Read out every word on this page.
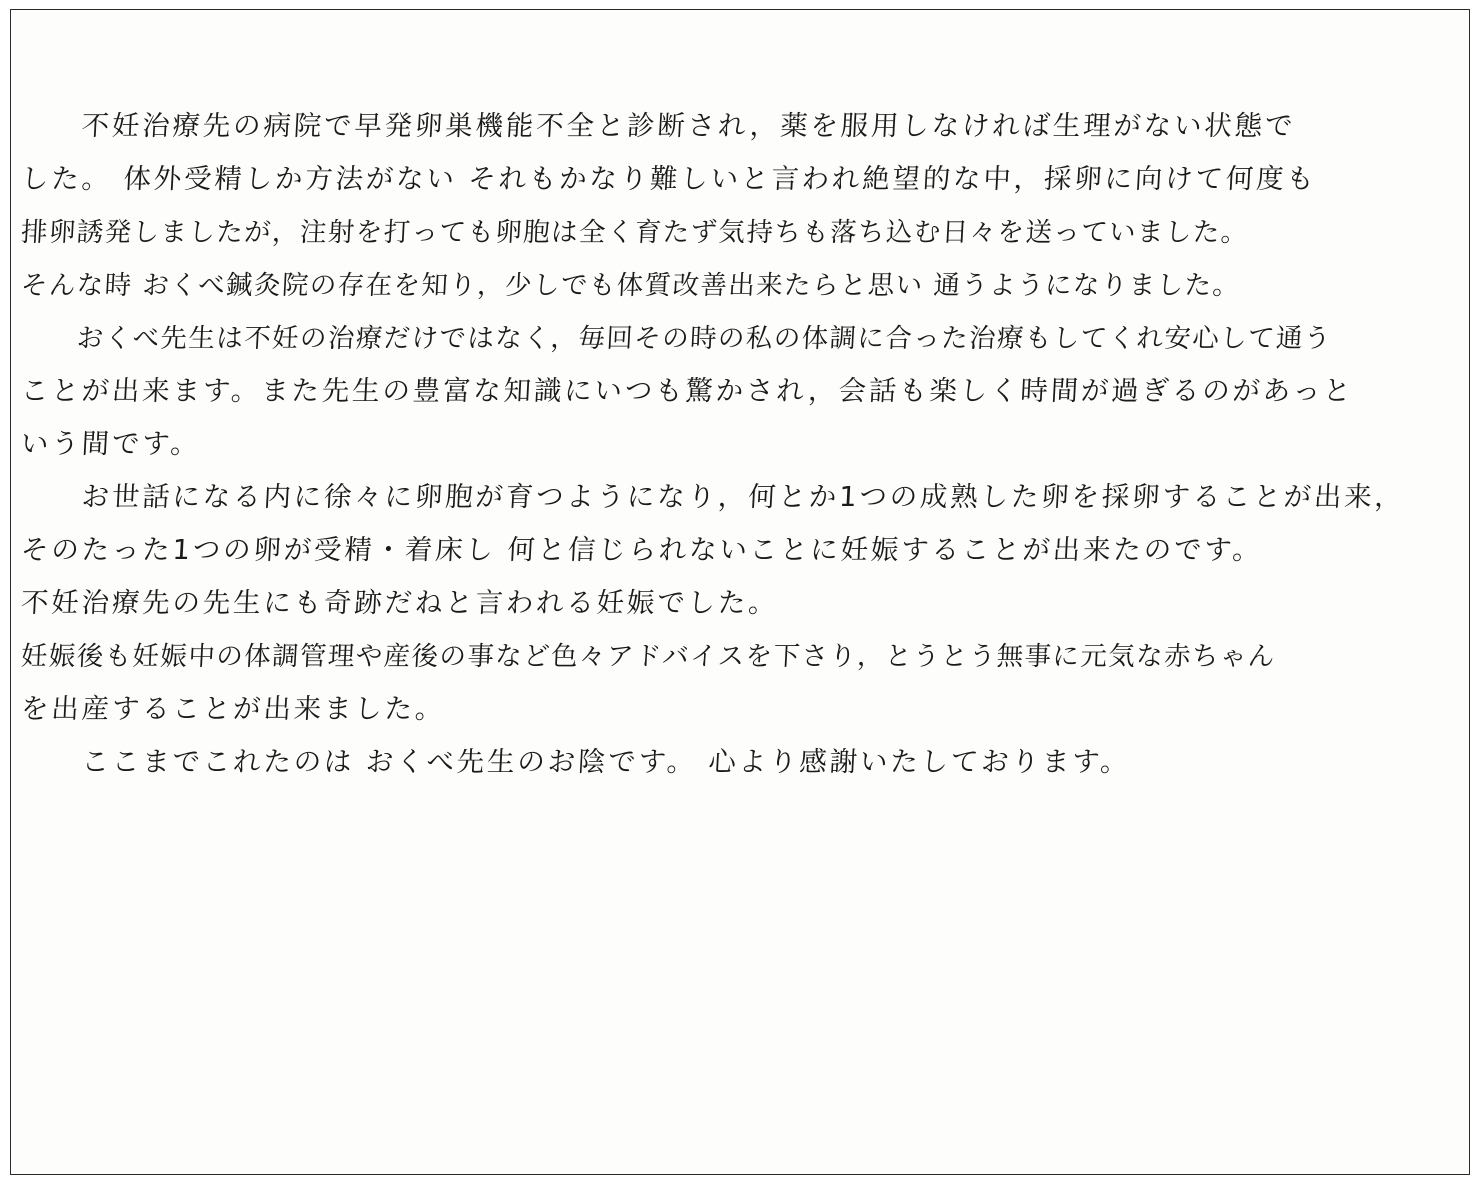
　　不妊治療先の病院で早発卵巣機能不全と診断され，薬を服用しなければ生理がない状態で
した。 体外受精しか方法がない それもかなり難しいと言われ絶望的な中，採卵に向けて何度も
排卵誘発しましたが，注射を打っても卵胞は全く育たず気持ちも落ち込む日々を送っていました。
そんな時 おくべ鍼灸院の存在を知り，少しでも体質改善出来たらと思い 通うようになりました。
　　おくべ先生は不妊の治療だけではなく，毎回その時の私の体調に合った治療もしてくれ安心して通う
ことが出来ます。また先生の豊富な知識にいつも驚かされ，会話も楽しく時間が過ぎるのがあっと
いう間です。
　　お世話になる内に徐々に卵胞が育つようになり，何とか1つの成熟した卵を採卵することが出来，
そのたった1つの卵が受精・着床し 何と信じられないことに妊娠することが出来たのです。
不妊治療先の先生にも奇跡だねと言われる妊娠でした。
妊娠後も妊娠中の体調管理や産後の事など色々アドバイスを下さり，とうとう無事に元気な赤ちゃん
を出産することが出来ました。
　　ここまでこれたのは おくべ先生のお陰です。 心より感謝いたしております。
